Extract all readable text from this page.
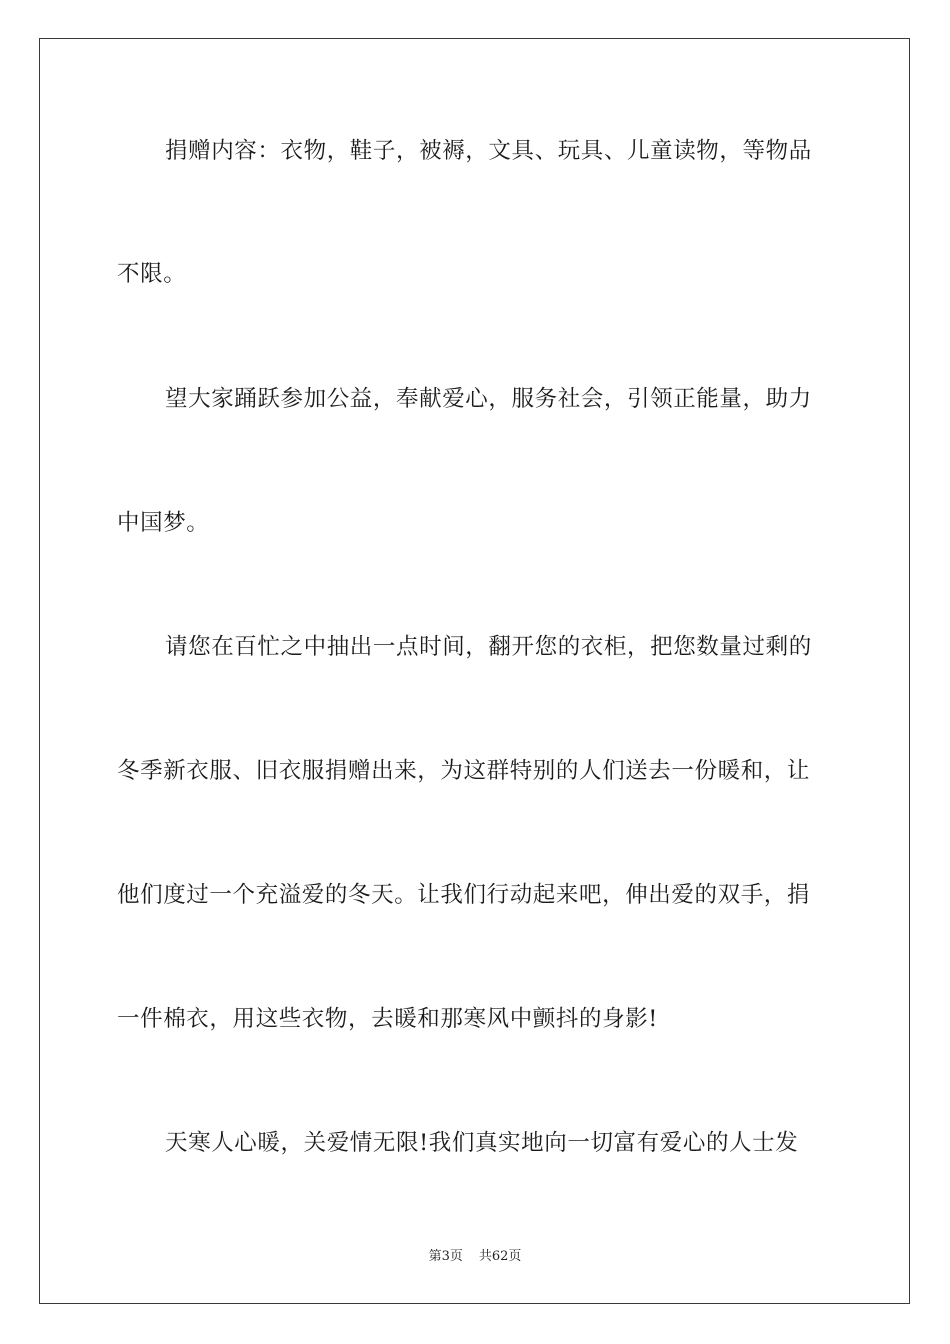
捐赠内容：衣物，鞋子，被褥，文具、玩具、儿童读物，等物品
不限。
望大家踊跃参加公益，奉献爱心，服务社会，引领正能量，助力
中国梦。
请您在百忙之中抽出一点时间，翻开您的衣柜，把您数量过剩的
冬季新衣服、旧衣服捐赠出来，为这群特别的人们送去一份暖和，让
他们度过一个充溢爱的冬天。让我们行动起来吧，伸出爱的双手，捐
一件棉衣，用这些衣物，去暖和那寒风中颤抖的身影!
天寒人心暖，关爱情无限!我们真实地向一切富有爱心的人士发
第3页 共62页
